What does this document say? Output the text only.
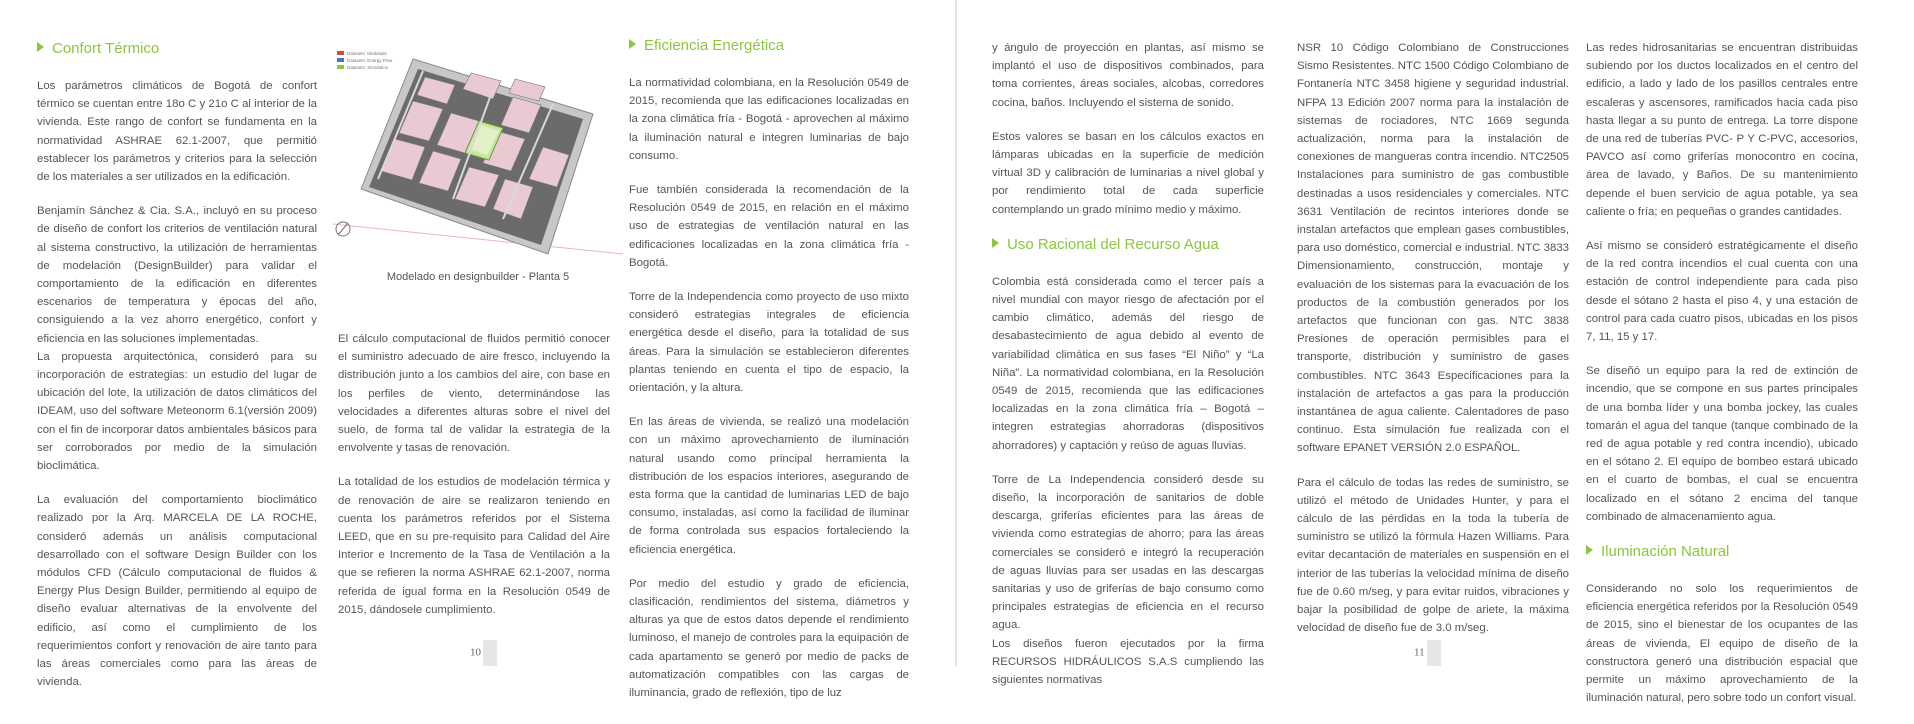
Confort Térmico

Los parámetros climáticos de Bogotá de confort térmico se cuentan entre 18o C y 21o C al interior de la vivienda. Este rango de confort se fundamenta en la normatividad ASHRAE 62.1-2007, que permitió establecer los parámetros y criterios para la selección de los materiales a ser utilizados en la edificación.

Benjamín Sánchez & Cia. S.A., incluyó en su proceso de diseño de confort los criterios de ventilación natural al sistema constructivo, la utilización de herramientas de modelación (DesignBuilder) para validar el comportamiento de la edificación en diferentes escenarios de temperatura y épocas del año, consiguiendo a la vez ahorro energético, confort y eficiencia en las soluciones implementadas.

La propuesta arquitectónica, consideró para su incorporación de estrategias: un estudio del lugar de ubicación del lote, la utilización de datos climáticos del IDEAM, uso del software Meteonorm 6.1(versión 2009) con el fin de incorporar datos ambientales básicos para ser corroborados por medio de la simulación bioclimática.

La evaluación del comportamiento bioclimático realizado por la Arq. MARCELA DE LA ROCHE, consideró además un análisis computacional desarrollado con el software Design Builder con los módulos CFD (Cálculo computacional de fluidos & Energy Plus Design Builder, permitiendo al equipo de diseño evaluar alternativas de la envolvente del edificio, así como el cumplimiento de los requerimientos confort y renovación de aire tanto para las áreas comerciales como para las áreas de vivienda.

Datasets: Modelado
Datasets: Energy Flow
Datasets: Simulation
Modelado en designbuilder - Planta 5

El cálculo computacional de fluidos permitió conocer el suministro adecuado de aire fresco, incluyendo la distribución junto a los cambios del aire, con base en los perfiles de viento, determinándose las velocidades a diferentes alturas sobre el nivel del suelo, de forma tal de validar la estrategia de la envolvente y tasas de renovación.

La totalidad de los estudios de modelación térmica y de renovación de aire se realizaron teniendo en cuenta los parámetros referidos por el Sistema LEED, que en su pre-requisito para Calidad del Aire Interior e Incremento de la Tasa de Ventilación a la que se refieren la norma ASHRAE 62.1-2007, norma referida de igual forma en la Resolución 0549 de 2015, dándosele cumplimiento.

Eficiencia Energética

La normatividad colombiana, en la Resolución 0549 de 2015, recomienda que las edificaciones localizadas en la zona climática fría - Bogotá - aprovechen al máximo la iluminación natural e integren luminarias de bajo consumo.

Fue también considerada la recomendación de la Resolución 0549 de 2015, en relación en el máximo uso de estrategias de ventilación natural en las edificaciones localizadas en la zona climática fría - Bogotá.

Torre de la Independencia como proyecto de uso mixto consideró estrategias integrales de eficiencia energética desde el diseño, para la totalidad de sus áreas. Para la simulación se establecieron diferentes plantas teniendo en cuenta el tipo de espacio, la orientación, y la altura.

En las áreas de vivienda, se realizó una modelación con un máximo aprovechamiento de iluminación natural usando como principal herramienta la distribución de los espacios interiores, asegurando de esta forma que la cantidad de luminarias LED de bajo consumo, instaladas, así como la facilidad de iluminar de forma controlada sus espacios fortaleciendo la eficiencia energética.

Por medio del estudio y grado de eficiencia, clasificación, rendimientos del sistema, diámetros y alturas ya que de estos datos depende el rendimiento luminoso, el manejo de controles para la equipación de cada apartamento se generó por medio de packs de automatización compatibles con las cargas de iluminancia, grado de reflexión, tipo de luz

10

y ángulo de proyección en plantas, así mismo se implantó el uso de dispositivos combinados, para toma corrientes, áreas sociales, alcobas, corredores cocina, baños. Incluyendo el sistema de sonido.

Estos valores se basan en los cálculos exactos en lámparas ubicadas en la superficie de medición virtual 3D y calibración de luminarias a nivel global y por rendimiento total de cada superficie contemplando un grado mínimo medio y máximo.

Uso Racional del Recurso Agua

Colombia está considerada como el tercer país a nivel mundial con mayor riesgo de afectación por el cambio climático, además del riesgo de desabastecimiento de agua debido al evento de variabilidad climática en sus fases “El Niño” y “La Niña”. La normatividad colombiana, en la Resolución 0549 de 2015, recomienda que las edificaciones localizadas en la zona climática fría – Bogotá – integren estrategias ahorradoras (dispositivos ahorradores) y captación y reúso de aguas lluvias.

Torre de La Independencia consideró desde su diseño, la incorporación de sanitarios de doble descarga, griferías eficientes para las áreas de vivienda como estrategias de ahorro; para las áreas comerciales se consideró e integró la recuperación de aguas lluvias para ser usadas en las descargas sanitarias y uso de griferías de bajo consumo como principales estrategias de eficiencia en el recurso agua.

Los diseños fueron ejecutados por la firma RECURSOS HIDRÁULICOS S.A.S cumpliendo las siguientes normativas

NSR 10 Código Colombiano de Construcciones Sismo Resistentes. NTC 1500 Código Colombiano de Fontanería NTC 3458 higiene y seguridad industrial. NFPA 13 Edición 2007 norma para la instalación de sistemas de rociadores, NTC 1669 segunda actualización, norma para la instalación de conexiones de mangueras contra incendio. NTC2505 Instalaciones para suministro de gas combustible destinadas a usos residenciales y comerciales. NTC 3631 Ventilación de recintos interiores donde se instalan artefactos que emplean gases combustibles, para uso doméstico, comercial e industrial. NTC 3833 Dimensionamiento, construcción, montaje y evaluación de los sistemas para la evacuación de los productos de la combustión generados por los artefactos que funcionan con gas. NTC 3838 Presiones de operación permisibles para el transporte, distribución y suministro de gases combustibles. NTC 3643 Especificaciones para la instalación de artefactos a gas para la producción instantánea de agua caliente. Calentadores de paso continuo. Esta simulación fue realizada con el software EPANET VERSIÓN 2.0 ESPAÑOL.

Para el cálculo de todas las redes de suministro, se utilizó el método de Unidades Hunter, y para el cálculo de las pérdidas en la toda la tubería de suministro se utilizó la fórmula Hazen Williams. Para evitar decantación de materiales en suspensión en el interior de las tuberías la velocidad mínima de diseño fue de 0.60 m/seg, y para evitar ruidos, vibraciones y bajar la posibilidad de golpe de ariete, la máxima velocidad de diseño fue de 3.0 m/seg.

Las redes hidrosanitarias se encuentran distribuidas subiendo por los ductos localizados en el centro del edificio, a lado y lado de los pasillos centrales entre escaleras y ascensores, ramificados hacia cada piso hasta llegar a su punto de entrega. La torre dispone de una red de tuberías PVC- P Y C-PVC, accesorios, PAVCO así como griferías monocontro en cocina, área de lavado, y Baños. De su mantenimiento depende el buen servicio de agua potable, ya sea caliente o fría; en pequeñas o grandes cantidades.

Así mismo se consideró estratégicamente el diseño de la red contra incendios el cual cuenta con una estación de control independiente para cada piso desde el sótano 2 hasta el piso 4, y una estación de control para cada cuatro pisos, ubicadas en los pisos 7, 11, 15 y 17.

Se diseñó un equipo para la red de extinción de incendio, que se compone en sus partes principales de una bomba líder y una bomba jockey, las cuales tomarán el agua del tanque (tanque combinado de la red de agua potable y red contra incendio), ubicado en el sótano 2. El equipo de bombeo estará ubicado en el cuarto de bombas, el cual se encuentra localizado en el sótano 2 encima del tanque combinado de almacenamiento agua.

Iluminación Natural

Considerando no solo los requerimientos de eficiencia energética referidos por la Resolución 0549 de 2015, sino el bienestar de los ocupantes de las áreas de vivienda, El equipo de diseño de la constructora generó una distribución espacial que permite un máximo aprovechamiento de la iluminación natural, pero sobre todo un confort visual.

11
